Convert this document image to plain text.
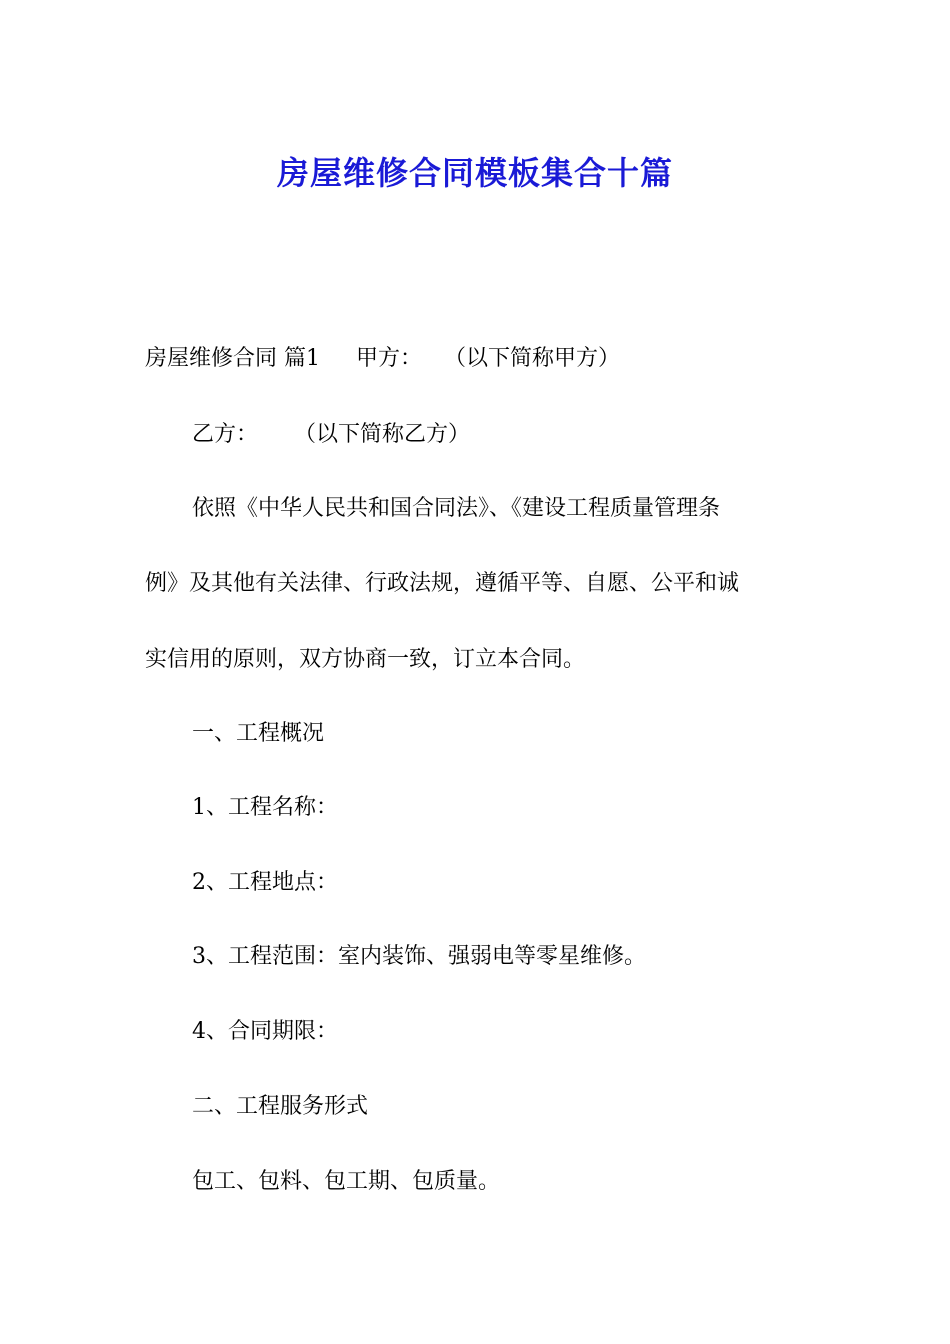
房屋维修合同模板集合十篇
房屋维修合同 篇1 甲方： （以下简称甲方）
乙方： （以下简称乙方）
依照《中华人民共和国合同法》、《建设工程质量管理条
例》及其他有关法律、行政法规，遵循平等、自愿、公平和诚
实信用的原则，双方协商一致，订立本合同。
一、工程概况
1、工程名称：
2、工程地点：
3、工程范围：室内装饰、强弱电等零星维修。
4、合同期限：
二、工程服务形式
包工、包料、包工期、包质量。
